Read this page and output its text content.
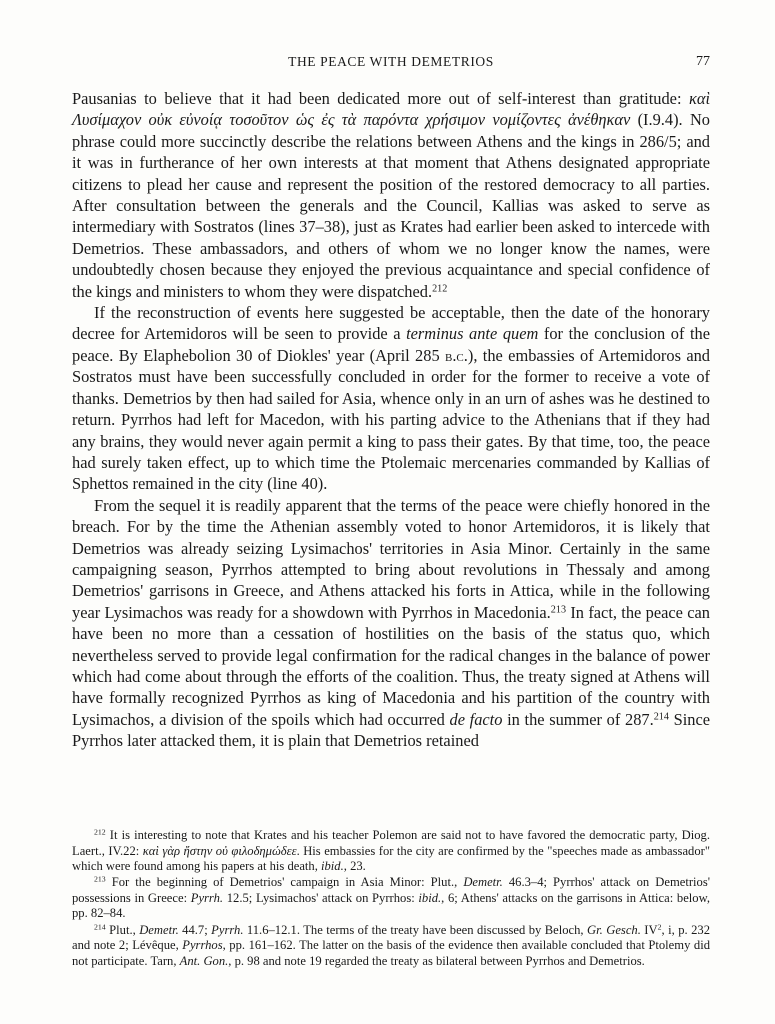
THE PEACE WITH DEMETRIOS	77

Pausanias to believe that it had been dedicated more out of self-interest than gratitude: καὶ Λυσίμαχον οὐκ εὐνοίᾳ τοσοῦτον ὡς ἐς τὰ παρόντα χρήσιμον νομίζοντες ἀνέθηκαν (I.9.4). No phrase could more succinctly describe the relations between Athens and the kings in 286/5; and it was in furtherance of her own interests at that moment that Athens designated appropriate citizens to plead her cause and represent the position of the restored democracy to all parties. After consultation between the generals and the Council, Kallias was asked to serve as intermediary with Sostratos (lines 37–38), just as Krates had earlier been asked to intercede with Demetrios. These ambassadors, and others of whom we no longer know the names, were undoubtedly chosen because they enjoyed the previous acquaintance and special confidence of the kings and ministers to whom they were dispatched.$^{212}$

If the reconstruction of events here suggested be acceptable, then the date of the honorary decree for Artemidoros will be seen to provide a terminus ante quem for the conclusion of the peace. By Elaphebolion 30 of Diokles' year (April 285 b.c.), the embassies of Artemidoros and Sostratos must have been successfully concluded in order for the former to receive a vote of thanks. Demetrios by then had sailed for Asia, whence only in an urn of ashes was he destined to return. Pyrrhos had left for Macedon, with his parting advice to the Athenians that if they had any brains, they would never again permit a king to pass their gates. By that time, too, the peace had surely taken effect, up to which time the Ptolemaic mercenaries commanded by Kallias of Sphettos remained in the city (line 40).

From the sequel it is readily apparent that the terms of the peace were chiefly honored in the breach. For by the time the Athenian assembly voted to honor Artemidoros, it is likely that Demetrios was already seizing Lysimachos' territories in Asia Minor. Certainly in the same campaigning season, Pyrrhos attempted to bring about revolutions in Thessaly and among Demetrios' garrisons in Greece, and Athens attacked his forts in Attica, while in the following year Lysimachos was ready for a showdown with Pyrrhos in Macedonia.$^{213}$ In fact, the peace can have been no more than a cessation of hostilities on the basis of the status quo, which nevertheless served to provide legal confirmation for the radical changes in the balance of power which had come about through the efforts of the coalition. Thus, the treaty signed at Athens will have formally recognized Pyrrhos as king of Macedonia and his partition of the country with Lysimachos, a division of the spoils which had occurred de facto in the summer of 287.$^{214}$ Since Pyrrhos later attacked them, it is plain that Demetrios retained

$^{212}$ It is interesting to note that Krates and his teacher Polemon are said not to have favored the democratic party, Diog. Laert., IV.22: καὶ γὰρ ἤστην οὐ φιλοδημώδεε. His embassies for the city are confirmed by the "speeches made as ambassador" which were found among his papers at his death, ibid., 23.

$^{213}$ For the beginning of Demetrios' campaign in Asia Minor: Plut., Demetr. 46.3–4; Pyrrhos' attack on Demetrios' possessions in Greece: Pyrrh. 12.5; Lysimachos' attack on Pyrrhos: ibid., 6; Athens' attacks on the garrisons in Attica: below, pp. 82–84.

$^{214}$ Plut., Demetr. 44.7; Pyrrh. 11.6–12.1. The terms of the treaty have been discussed by Beloch, Gr. Gesch. $IV^2$, i, p. 232 and note 2; Lévêque, Pyrrhos, pp. 161–162. The latter on the basis of the evidence then available concluded that Ptolemy did not participate. Tarn, Ant. Gon., p. 98 and note 19 regarded the treaty as bilateral between Pyrrhos and Demetrios.
